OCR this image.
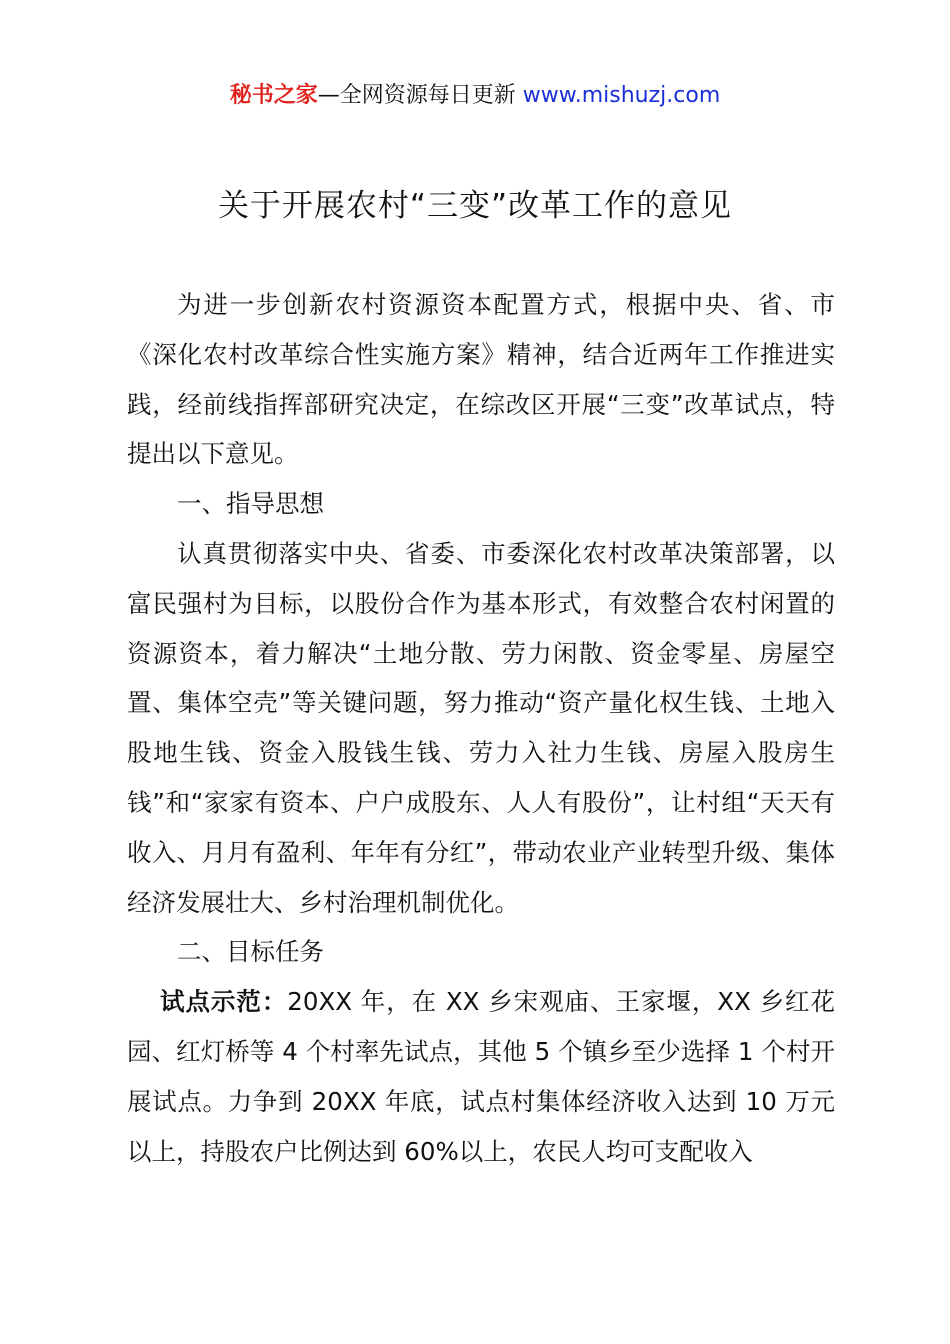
秘书之家—全网资源每日更新 www.mishuzj.com
关于开展农村“三变”改革工作的意见

为进一步创新农村资源资本配置方式，根据中央、省、市《深化农村改革综合性实施方案》精神，结合近两年工作推进实践，经前线指挥部研究决定，在综改区开展“三变”改革试点，特提出以下意见。

一、指导思想

认真贯彻落实中央、省委、市委深化农村改革决策部署，以富民强村为目标，以股份合作为基本形式，有效整合农村闲置的资源资本，着力解决“土地分散、劳力闲散、资金零星、房屋空置、集体空壳”等关键问题，努力推动“资产量化权生钱、土地入股地生钱、资金入股钱生钱、劳力入社力生钱、房屋入股房生钱”和“家家有资本、户户成股东、人人有股份”，让村组“天天有收入、月月有盈利、年年有分红”，带动农业产业转型升级、集体经济发展壮大、乡村治理机制优化。

二、目标任务

试点示范：20XX 年，在 XX 乡宋观庙、王家堰，XX 乡红花园、红灯桥等 4 个村率先试点，其他 5 个镇乡至少选择 1 个村开展试点。力争到 20XX 年底，试点村集体经济收入达到 10 万元以上，持股农户比例达到 60%以上，农民人均可支配收入
